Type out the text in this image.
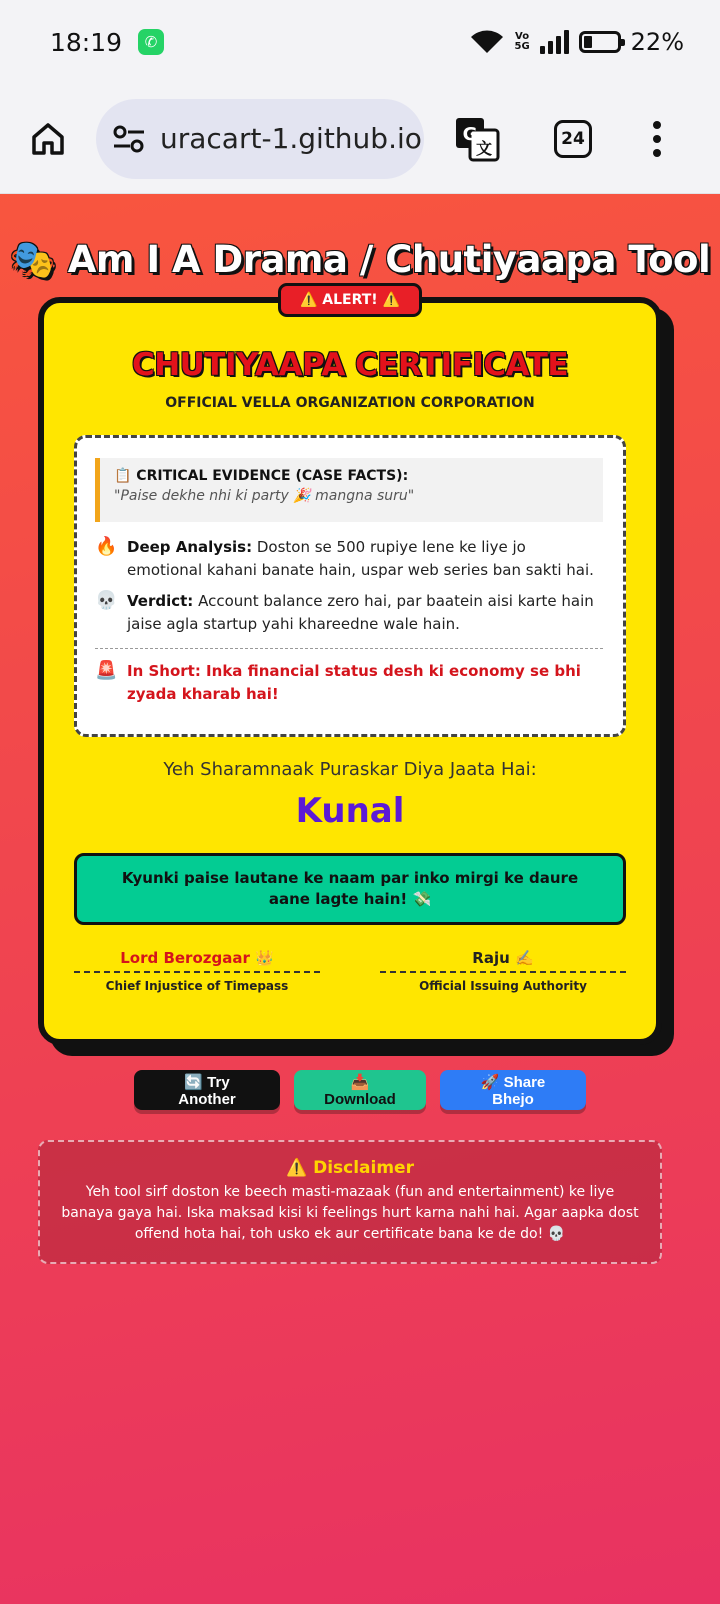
18:19	✆	Vo
5G	22%
uracart-1.github.io G
文	24
🎭 Am I A Drama / Chutiyaapa Tool
⚠️ ALERT! ⚠️
CHUTIYAAPA CERTIFICATE
OFFICIAL VELLA ORGANIZATION CORPORATION
📋 CRITICAL EVIDENCE (CASE FACTS):
"Paise dekhe nhi ki party 🎉 mangna suru"
🔥 Deep Analysis: Doston se 500 rupiye lene ke liye jo emotional kahani banate hain, uspar web series ban sakti hai.
💀 Verdict: Account balance zero hai, par baatein aisi karte hain jaise agla startup yahi khareedne wale hain.
🚨 In Short: Inka financial status desh ki economy se bhi zyada kharab hai!
Yeh Sharamnaak Puraskar Diya Jaata Hai:
Kunal
Kyunki paise lautane ke naam par inko mirgi ke daure aane lagte hain! 💸
Lord Berozgaar 👑
Chief Injustice of Timepass
Raju ✍️
Official Issuing Authority
🔄 Try Another
📥 Download
🚀 Share Bhejo
⚠️ Disclaimer
Yeh tool sirf doston ke beech masti-mazaak (fun and entertainment) ke liye banaya gaya hai. Iska maksad kisi ki feelings hurt karna nahi hai. Agar aapka dost offend hota hai, toh usko ek aur certificate bana ke de do! 💀
